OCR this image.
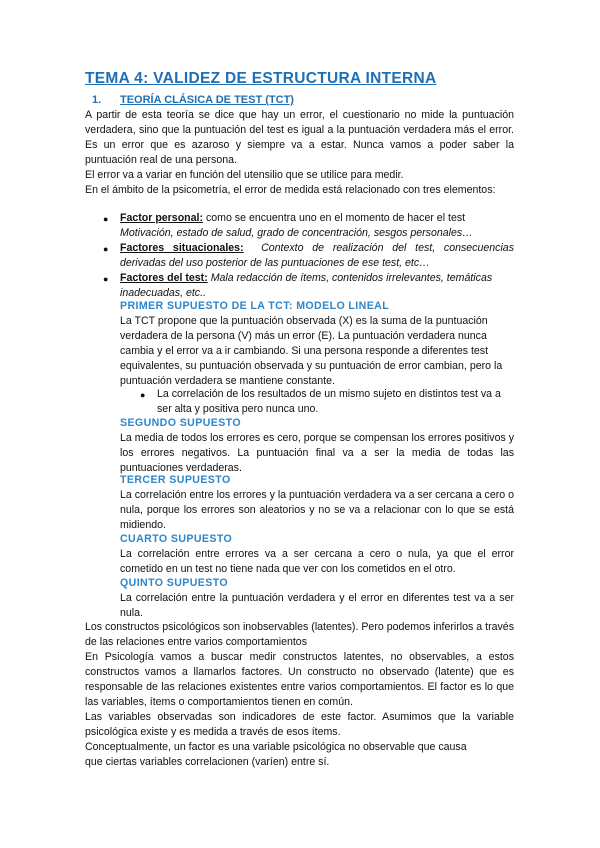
TEMA 4: VALIDEZ DE ESTRUCTURA INTERNA
1. TEORÍA CLÁSICA DE TEST (TCT)

A partir de esta teoría se dice que hay un error, el cuestionario no mide la puntuación verdadera, sino que la puntuación del test es igual a la puntuación verdadera más el error. Es un error que es azaroso y siempre va a estar. Nunca vamos a poder saber la puntuación real de una persona.

El error va a variar en función del utensilio que se utilice para medir.

En el ámbito de la psicometría, el error de medida está relacionado con tres elementos:

● Factor personal: como se encuentra uno en el momento de hacer el test
Motivación, estado de salud, grado de concentración, sesgos personales…

● Factores situacionales: Contexto de realización del test, consecuencias derivadas del uso posterior de las puntuaciones de ese test, etc…

● Factores del test: Mala redacción de ítems, contenidos irrelevantes, temáticas inadecuadas, etc..

PRIMER SUPUESTO DE LA TCT: MODELO LINEAL

La TCT propone que la puntuación observada (X) es la suma de la puntuación verdadera de la persona (V) más un error (E). La puntuación verdadera nunca cambia y el error va a ir cambiando. Si una persona responde a diferentes test equivalentes, su puntuación observada y su puntuación de error cambian, pero la puntuación verdadera se mantiene constante.

● La correlación de los resultados de un mismo sujeto en distintos test va a ser alta y positiva pero nunca uno.

SEGUNDO SUPUESTO

La media de todos los errores es cero, porque se compensan los errores positivos y los errores negativos. La puntuación final va a ser la media de todas las puntuaciones verdaderas.

TERCER SUPUESTO

La correlación entre los errores y la puntuación verdadera va a ser cercana a cero o nula, porque los errores son aleatorios y no se va a relacionar con lo que se está midiendo.

CUARTO SUPUESTO

La correlación entre errores va a ser cercana a cero o nula, ya que el error cometido en un test no tiene nada que ver con los cometidos en el otro.

QUINTO SUPUESTO

La correlación entre la puntuación verdadera y el error en diferentes test va a ser nula.

Los constructos psicológicos son inobservables (latentes). Pero podemos inferirlos a través de las relaciones entre varios comportamientos

En Psicología vamos a buscar medir constructos latentes, no observables, a estos constructos vamos a llamarlos factores. Un constructo no observado (latente) que es responsable de las relaciones existentes entre varios comportamientos. El factor es lo que las variables, ítems o comportamientos tienen en común.

Las variables observadas son indicadores de este factor. Asumimos que la variable psicológica existe y es medida a través de esos ítems.

Conceptualmente, un factor es una variable psicológica no observable que causa

que ciertas variables correlacionen (varíen) entre sí.
